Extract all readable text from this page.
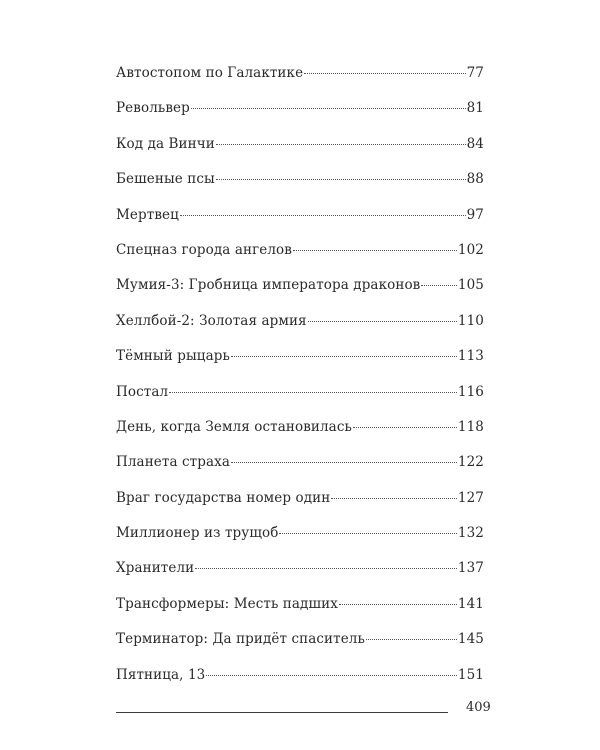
Автостопом по Галактике	77
Револьвер	81
Код да Винчи	84
Бешеные псы	88
Мертвец	97
Спецназ города ангелов	102
Мумия-3: Гробница императора драконов	105
Хеллбой-2: Золотая армия	110
Тёмный рыцарь	113
Постал	116
День, когда Земля остановилась	118
Планета страха	122
Враг государства номер один	127
Миллионер из трущоб	132
Хранители	137
Трансформеры: Месть падших	141
Терминатор: Да придёт спаситель	145
Пятница, 13	151
409
